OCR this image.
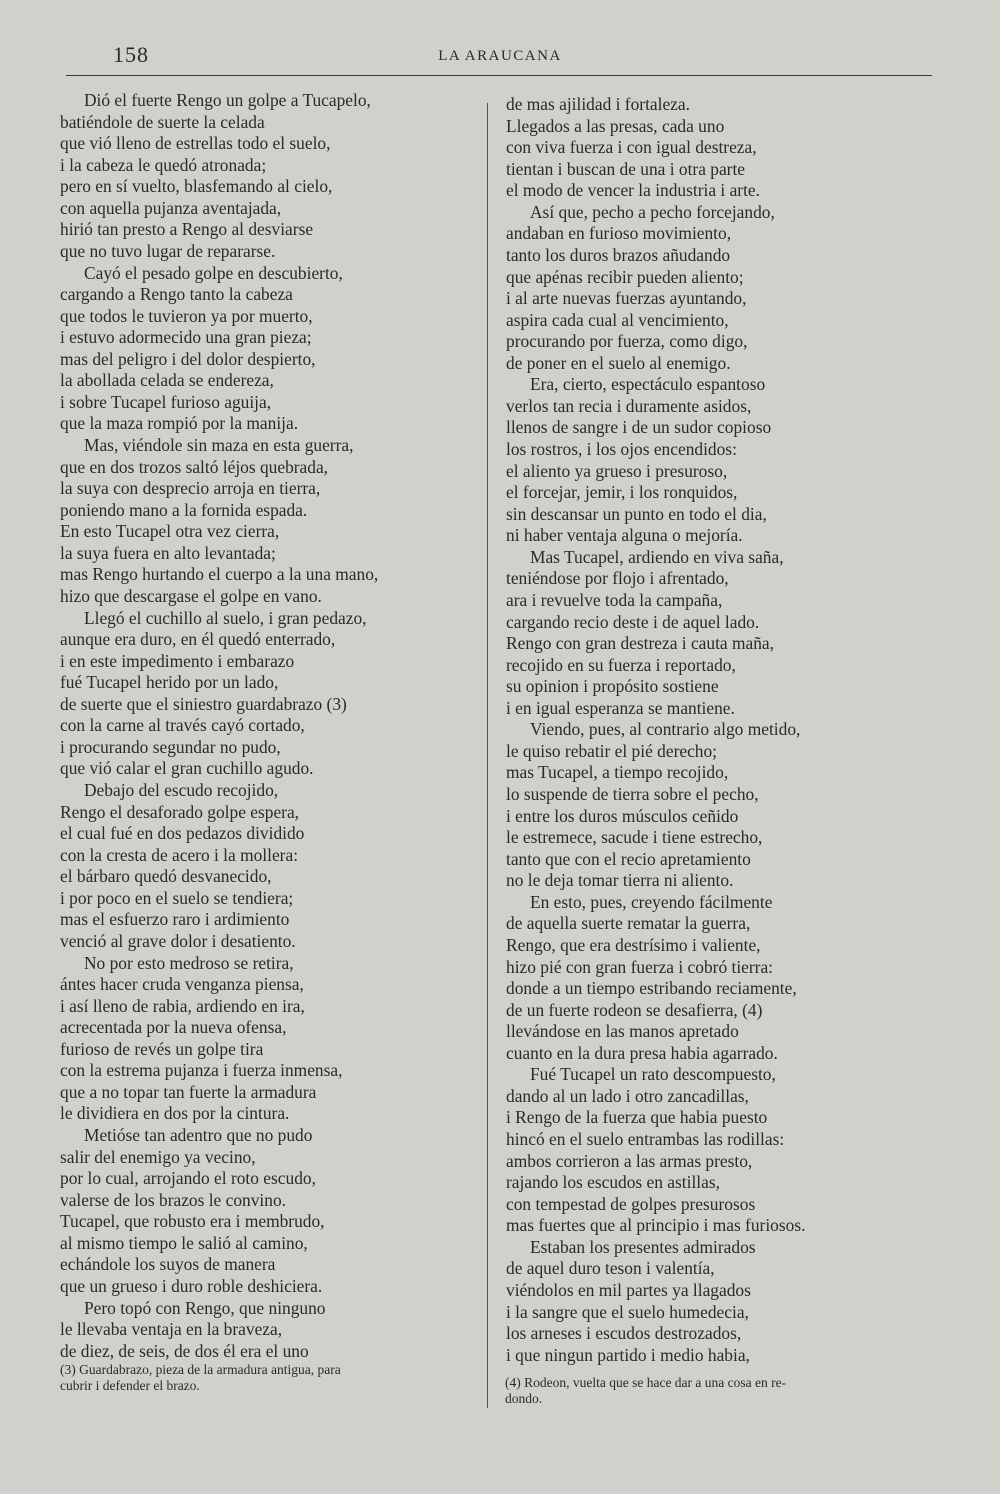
158	LA ARAUCANA
Dió el fuerte Rengo un golpe a Tucapelo,
batiéndole de suerte la celada
que vió lleno de estrellas todo el suelo,
i la cabeza le quedó atronada;
pero en sí vuelto, blasfemando al cielo,
con aquella pujanza aventajada,
hirió tan presto a Rengo al desviarse
que no tuvo lugar de repararse.
Cayó el pesado golpe en descubierto,
cargando a Rengo tanto la cabeza
que todos le tuvieron ya por muerto,
i estuvo adormecido una gran pieza;
mas del peligro i del dolor despierto,
la abollada celada se endereza,
i sobre Tucapel furioso aguija,
que la maza rompió por la manija.
Mas, viéndole sin maza en esta guerra,
que en dos trozos saltó léjos quebrada,
la suya con desprecio arroja en tierra,
poniendo mano a la fornida espada.
En esto Tucapel otra vez cierra,
la suya fuera en alto levantada;
mas Rengo hurtando el cuerpo a la una mano,
hizo que descargase el golpe en vano.
Llegó el cuchillo al suelo, i gran pedazo,
aunque era duro, en él quedó enterrado,
i en este impedimento i embarazo
fué Tucapel herido por un lado,
de suerte que el siniestro guardabrazo (3)
con la carne al través cayó cortado,
i procurando segundar no pudo,
que vió calar el gran cuchillo agudo.
Debajo del escudo recojido,
Rengo el desaforado golpe espera,
el cual fué en dos pedazos dividido
con la cresta de acero i la mollera:
el bárbaro quedó desvanecido,
i por poco en el suelo se tendiera;
mas el esfuerzo raro i ardimiento
venció al grave dolor i desatiento.
No por esto medroso se retira,
ántes hacer cruda venganza piensa,
i así lleno de rabia, ardiendo en ira,
acrecentada por la nueva ofensa,
furioso de revés un golpe tira
con la estrema pujanza i fuerza inmensa,
que a no topar tan fuerte la armadura
le dividiera en dos por la cintura.
Metióse tan adentro que no pudo
salir del enemigo ya vecino,
por lo cual, arrojando el roto escudo,
valerse de los brazos le convino.
Tucapel, que robusto era i membrudo,
al mismo tiempo le salió al camino,
echándole los suyos de manera
que un grueso i duro roble deshiciera.
Pero topó con Rengo, que ninguno
le llevaba ventaja en la braveza,
de diez, de seis, de dos él era el uno
de mas ajilidad i fortaleza.
Llegados a las presas, cada uno
con viva fuerza i con igual destreza,
tientan i buscan de una i otra parte
el modo de vencer la industria i arte.
Así que, pecho a pecho forcejando,
andaban en furioso movimiento,
tanto los duros brazos añudando
que apénas recibir pueden aliento;
i al arte nuevas fuerzas ayuntando,
aspira cada cual al vencimiento,
procurando por fuerza, como digo,
de poner en el suelo al enemigo.
Era, cierto, espectáculo espantoso
verlos tan recia i duramente asidos,
llenos de sangre i de un sudor copioso
los rostros, i los ojos encendidos:
el aliento ya grueso i presuroso,
el forcejar, jemir, i los ronquidos,
sin descansar un punto en todo el dia,
ni haber ventaja alguna o mejoría.
Mas Tucapel, ardiendo en viva saña,
teniéndose por flojo i afrentado,
ara i revuelve toda la campaña,
cargando recio deste i de aquel lado.
Rengo con gran destreza i cauta maña,
recojido en su fuerza i reportado,
su opinion i propósito sostiene
i en igual esperanza se mantiene.
Viendo, pues, al contrario algo metido,
le quiso rebatir el pié derecho;
mas Tucapel, a tiempo recojido,
lo suspende de tierra sobre el pecho,
i entre los duros músculos ceñido
le estremece, sacude i tiene estrecho,
tanto que con el recio apretamiento
no le deja tomar tierra ni aliento.
En esto, pues, creyendo fácilmente
de aquella suerte rematar la guerra,
Rengo, que era destrísimo i valiente,
hizo pié con gran fuerza i cobró tierra:
donde a un tiempo estribando reciamente,
de un fuerte rodeon se desafierra, (4)
llevándose en las manos apretado
cuanto en la dura presa habia agarrado.
Fué Tucapel un rato descompuesto,
dando al un lado i otro zancadillas,
i Rengo de la fuerza que habia puesto
hincó en el suelo entrambas las rodillas:
ambos corrieron a las armas presto,
rajando los escudos en astillas,
con tempestad de golpes presurosos
mas fuertes que al principio i mas furiosos.
Estaban los presentes admirados
de aquel duro teson i valentía,
viéndolos en mil partes ya llagados
i la sangre que el suelo humedecia,
los arneses i escudos destrozados,
i que ningun partido i medio habia,
(3) Guardabrazo, pieza de la armadura antigua, para
cubrir i defender el brazo.	(4) Rodeon, vuelta que se hace dar a una cosa en re-
dondo.
